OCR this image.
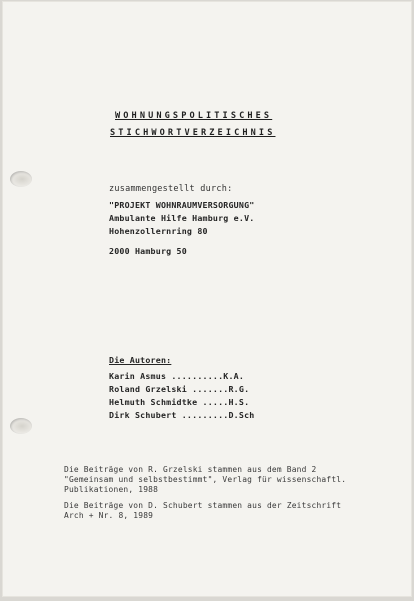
WOHNUNGSPOLITISCHES
STICHWORTVERZEICHNIS
zusammengestellt durch:
"PROJEKT WOHNRAUMVERSORGUNG"
Ambulante Hilfe Hamburg e.V.
Hohenzollernring 80
2000 Hamburg 50
Die Autoren:
Karin Asmus ..........K.A.
Roland Grzelski .......R.G.
Helmuth Schmidtke .....H.S.
Dirk Schubert .........D.Sch
Die Beiträge von R. Grzelski stammen aus dem Band 2
"Gemeinsam und selbstbestimmt", Verlag für wissenschaftl.
Publikationen, 1988
Die Beiträge von D. Schubert stammen aus der Zeitschrift
Arch + Nr. 8, 1989
